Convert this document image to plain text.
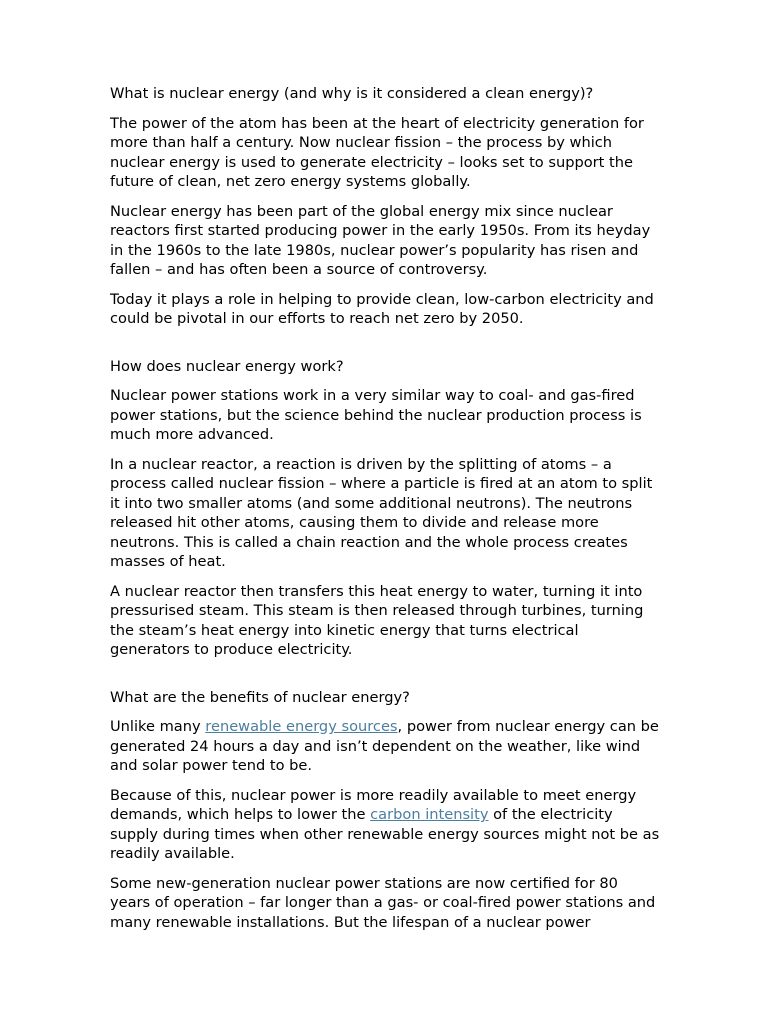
What is nuclear energy (and why is it considered a clean energy)?

The power of the atom has been at the heart of electricity generation for more than half a century. Now nuclear fission – the process by which nuclear energy is used to generate electricity – looks set to support the future of clean, net zero energy systems globally.

Nuclear energy has been part of the global energy mix since nuclear reactors first started producing power in the early 1950s. From its heyday in the 1960s to the late 1980s, nuclear power’s popularity has risen and fallen – and has often been a source of controversy.

Today it plays a role in helping to provide clean, low-carbon electricity and could be pivotal in our efforts to reach net zero by 2050.

How does nuclear energy work?

Nuclear power stations work in a very similar way to coal- and gas-fired power stations, but the science behind the nuclear production process is much more advanced.

In a nuclear reactor, a reaction is driven by the splitting of atoms – a process called nuclear fission – where a particle is fired at an atom to split it into two smaller atoms (and some additional neutrons). The neutrons released hit other atoms, causing them to divide and release more neutrons. This is called a chain reaction and the whole process creates masses of heat.

A nuclear reactor then transfers this heat energy to water, turning it into pressurised steam. This steam is then released through turbines, turning the steam’s heat energy into kinetic energy that turns electrical generators to produce electricity.

What are the benefits of nuclear energy?

Unlike many renewable energy sources, power from nuclear energy can be generated 24 hours a day and isn’t dependent on the weather, like wind and solar power tend to be.

Because of this, nuclear power is more readily available to meet energy demands, which helps to lower the carbon intensity of the electricity supply during times when other renewable energy sources might not be as readily available.

Some new-generation nuclear power stations are now certified for 80 years of operation – far longer than a gas- or coal-fired power stations and many renewable installations. But the lifespan of a nuclear power
